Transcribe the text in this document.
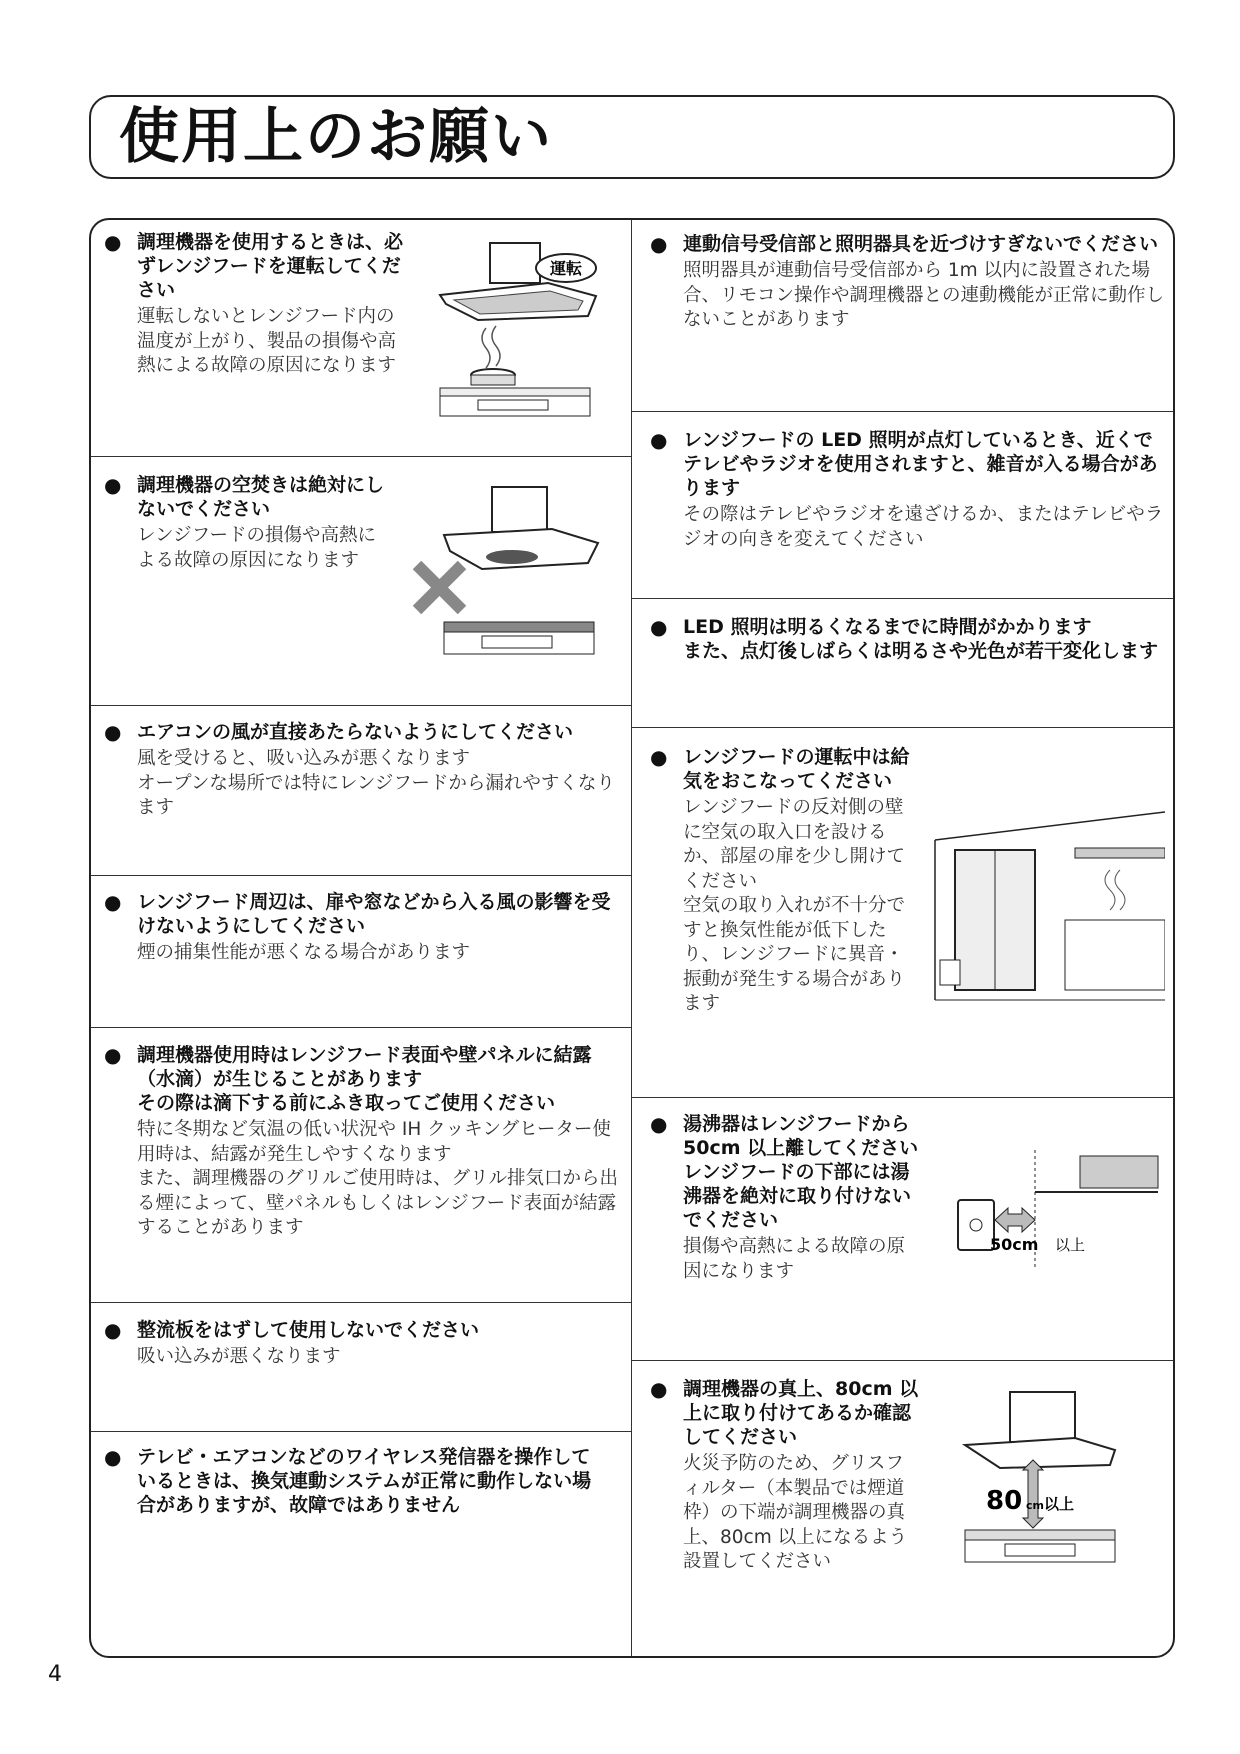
使用上のお願い
● 調理機器を使用するときは、必ずレンジフードを運転してください
運転しないとレンジフード内の温度が上がり、製品の損傷や高熱による故障の原因になります
運転
● 調理機器の空焚きは絶対にしないでください
レンジフードの損傷や高熱による故障の原因になります
● エアコンの風が直接あたらないようにしてください
風を受けると、吸い込みが悪くなります
オープンな場所では特にレンジフードから漏れやすくなります
● レンジフード周辺は、扉や窓などから入る風の影響を受けないようにしてください
煙の捕集性能が悪くなる場合があります
● 調理機器使用時はレンジフード表面や壁パネルに結露（水滴）が生じることがあります
その際は滴下する前にふき取ってご使用ください
特に冬期など気温の低い状況や IH クッキングヒーター使用時は、結露が発生しやすくなります
また、調理機器のグリルご使用時は、グリル排気口から出る煙によって、壁パネルもしくはレンジフード表面が結露することがあります
● 整流板をはずして使用しないでください
吸い込みが悪くなります
● テレビ・エアコンなどのワイヤレス発信器を操作しているときは、換気連動システムが正常に動作しない場合がありますが、故障ではありません
● 連動信号受信部と照明器具を近づけすぎないでください
照明器具が連動信号受信部から 1m 以内に設置された場合、リモコン操作や調理機器との連動機能が正常に動作しないことがあります
● レンジフードの LED 照明が点灯しているとき、近くでテレビやラジオを使用されますと、雑音が入る場合があります
その際はテレビやラジオを遠ざけるか、またはテレビやラジオの向きを変えてください
● LED 照明は明るくなるまでに時間がかかります
また、点灯後しばらくは明るさや光色が若干変化します
● レンジフードの運転中は給気をおこなってください
レンジフードの反対側の壁に空気の取入口を設けるか、部屋の扉を少し開けてください
空気の取り入れが不十分ですと換気性能が低下したり、レンジフードに異音・振動が発生する場合があります
● 湯沸器はレンジフードから 50cm 以上離してください
レンジフードの下部には湯沸器を絶対に取り付けないでください
損傷や高熱による故障の原因になります
50cm 以上
● 調理機器の真上、80cm 以上に取り付けてあるか確認してください
火災予防のため、グリスフィルター（本製品では煙道枠）の下端が調理機器の真上、80cm 以上になるよう設置してください
80 cm 以上
4
